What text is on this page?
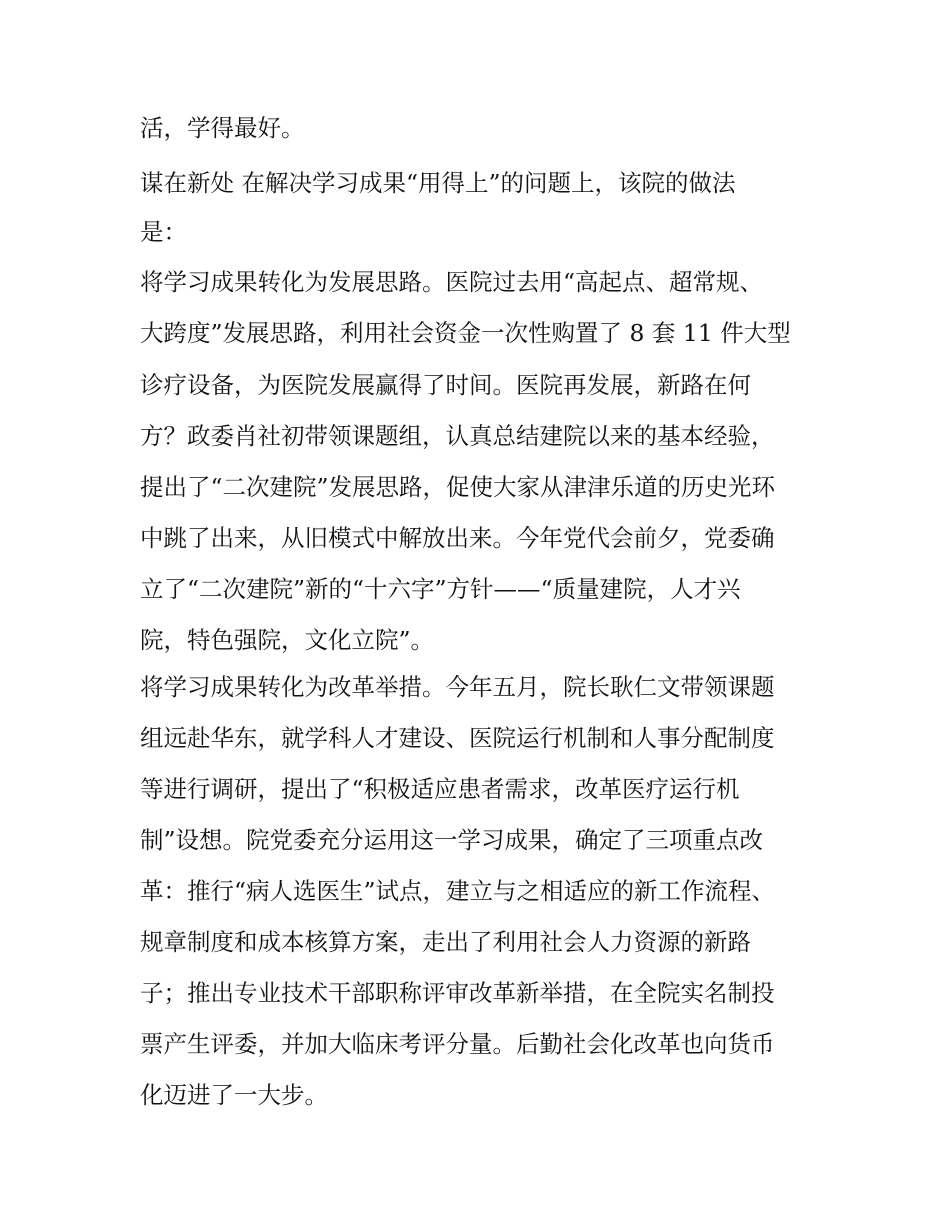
活，学得最好。

谋在新处 在解决学习成果“用得上”的问题上，该院的做法

是：

将学习成果转化为发展思路。医院过去用“高起点、超常规、

大跨度”发展思路，利用社会资金一次性购置了 8 套 11 件大型

诊疗设备，为医院发展赢得了时间。医院再发展，新路在何

方？政委肖社初带领课题组，认真总结建院以来的基本经验，

提出了“二次建院”发展思路，促使大家从津津乐道的历史光环

中跳了出来，从旧模式中解放出来。今年党代会前夕，党委确

立了“二次建院”新的“十六字”方针——“质量建院，人才兴

院，特色强院，文化立院”。

将学习成果转化为改革举措。今年五月，院长耿仁文带领课题

组远赴华东，就学科人才建设、医院运行机制和人事分配制度

等进行调研，提出了“积极适应患者需求，改革医疗运行机

制”设想。院党委充分运用这一学习成果，确定了三项重点改

革：推行“病人选医生”试点，建立与之相适应的新工作流程、

规章制度和成本核算方案，走出了利用社会人力资源的新路

子；推出专业技术干部职称评审改革新举措，在全院实名制投

票产生评委，并加大临床考评分量。后勤社会化改革也向货币

化迈进了一大步。
